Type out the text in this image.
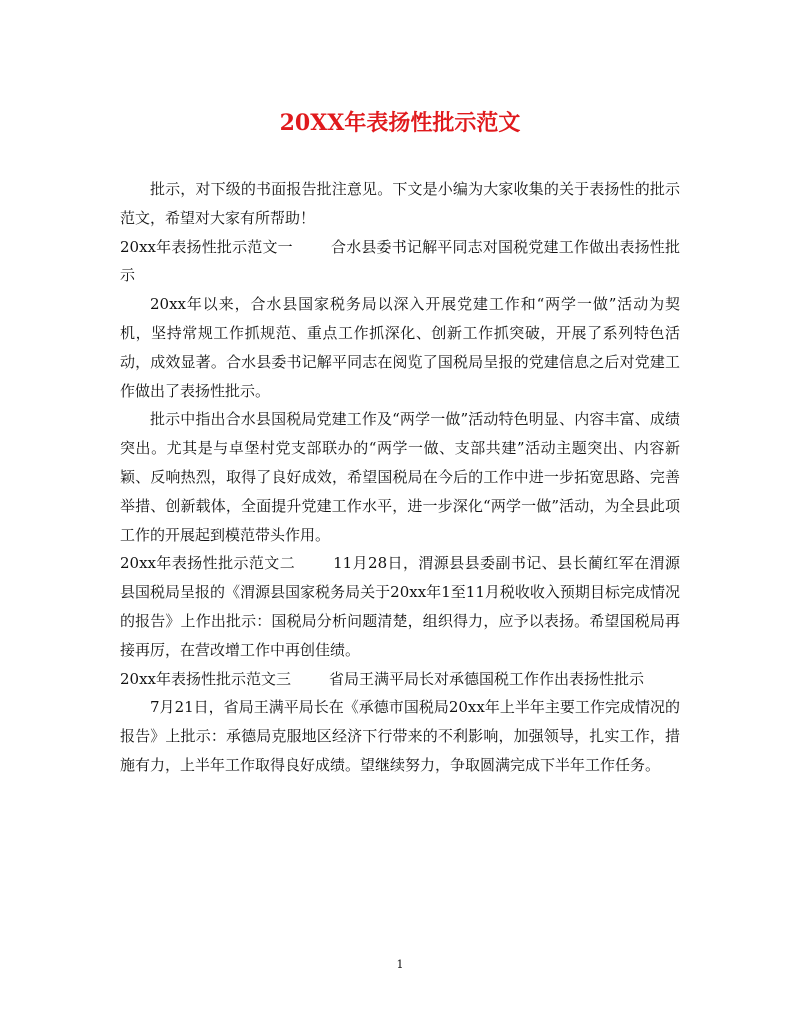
20XX年表扬性批示范文

批示，对下级的书面报告批注意见。下文是小编为大家收集的关于表扬性的批示范文，希望对大家有所帮助！

20xx年表扬性批示范文一	合水县委书记解平同志对国税党建工作做出表扬性批示

20xx年以来，合水县国家税务局以深入开展党建工作和“两学一做”活动为契机，坚持常规工作抓规范、重点工作抓深化、创新工作抓突破，开展了系列特色活动，成效显著。合水县委书记解平同志在阅览了国税局呈报的党建信息之后对党建工作做出了表扬性批示。

批示中指出合水县国税局党建工作及“两学一做”活动特色明显、内容丰富、成绩突出。尤其是与卓堡村党支部联办的“两学一做、支部共建”活动主题突出、内容新颖、反响热烈，取得了良好成效，希望国税局在今后的工作中进一步拓宽思路、完善举措、创新载体，全面提升党建工作水平，进一步深化“两学一做”活动，为全县此项工作的开展起到模范带头作用。

20xx年表扬性批示范文二	11月28日，渭源县县委副书记、县长蔺红军在渭源县国税局呈报的《渭源县国家税务局关于20xx年1至11月税收收入预期目标完成情况的报告》上作出批示：国税局分析问题清楚，组织得力，应予以表扬。希望国税局再接再厉，在营改增工作中再创佳绩。

20xx年表扬性批示范文三	省局王满平局长对承德国税工作作出表扬性批示

7月21日，省局王满平局长在《承德市国税局20xx年上半年主要工作完成情况的报告》上批示：承德局克服地区经济下行带来的不利影响，加强领导，扎实工作，措施有力，上半年工作取得良好成绩。望继续努力，争取圆满完成下半年工作任务。

1
